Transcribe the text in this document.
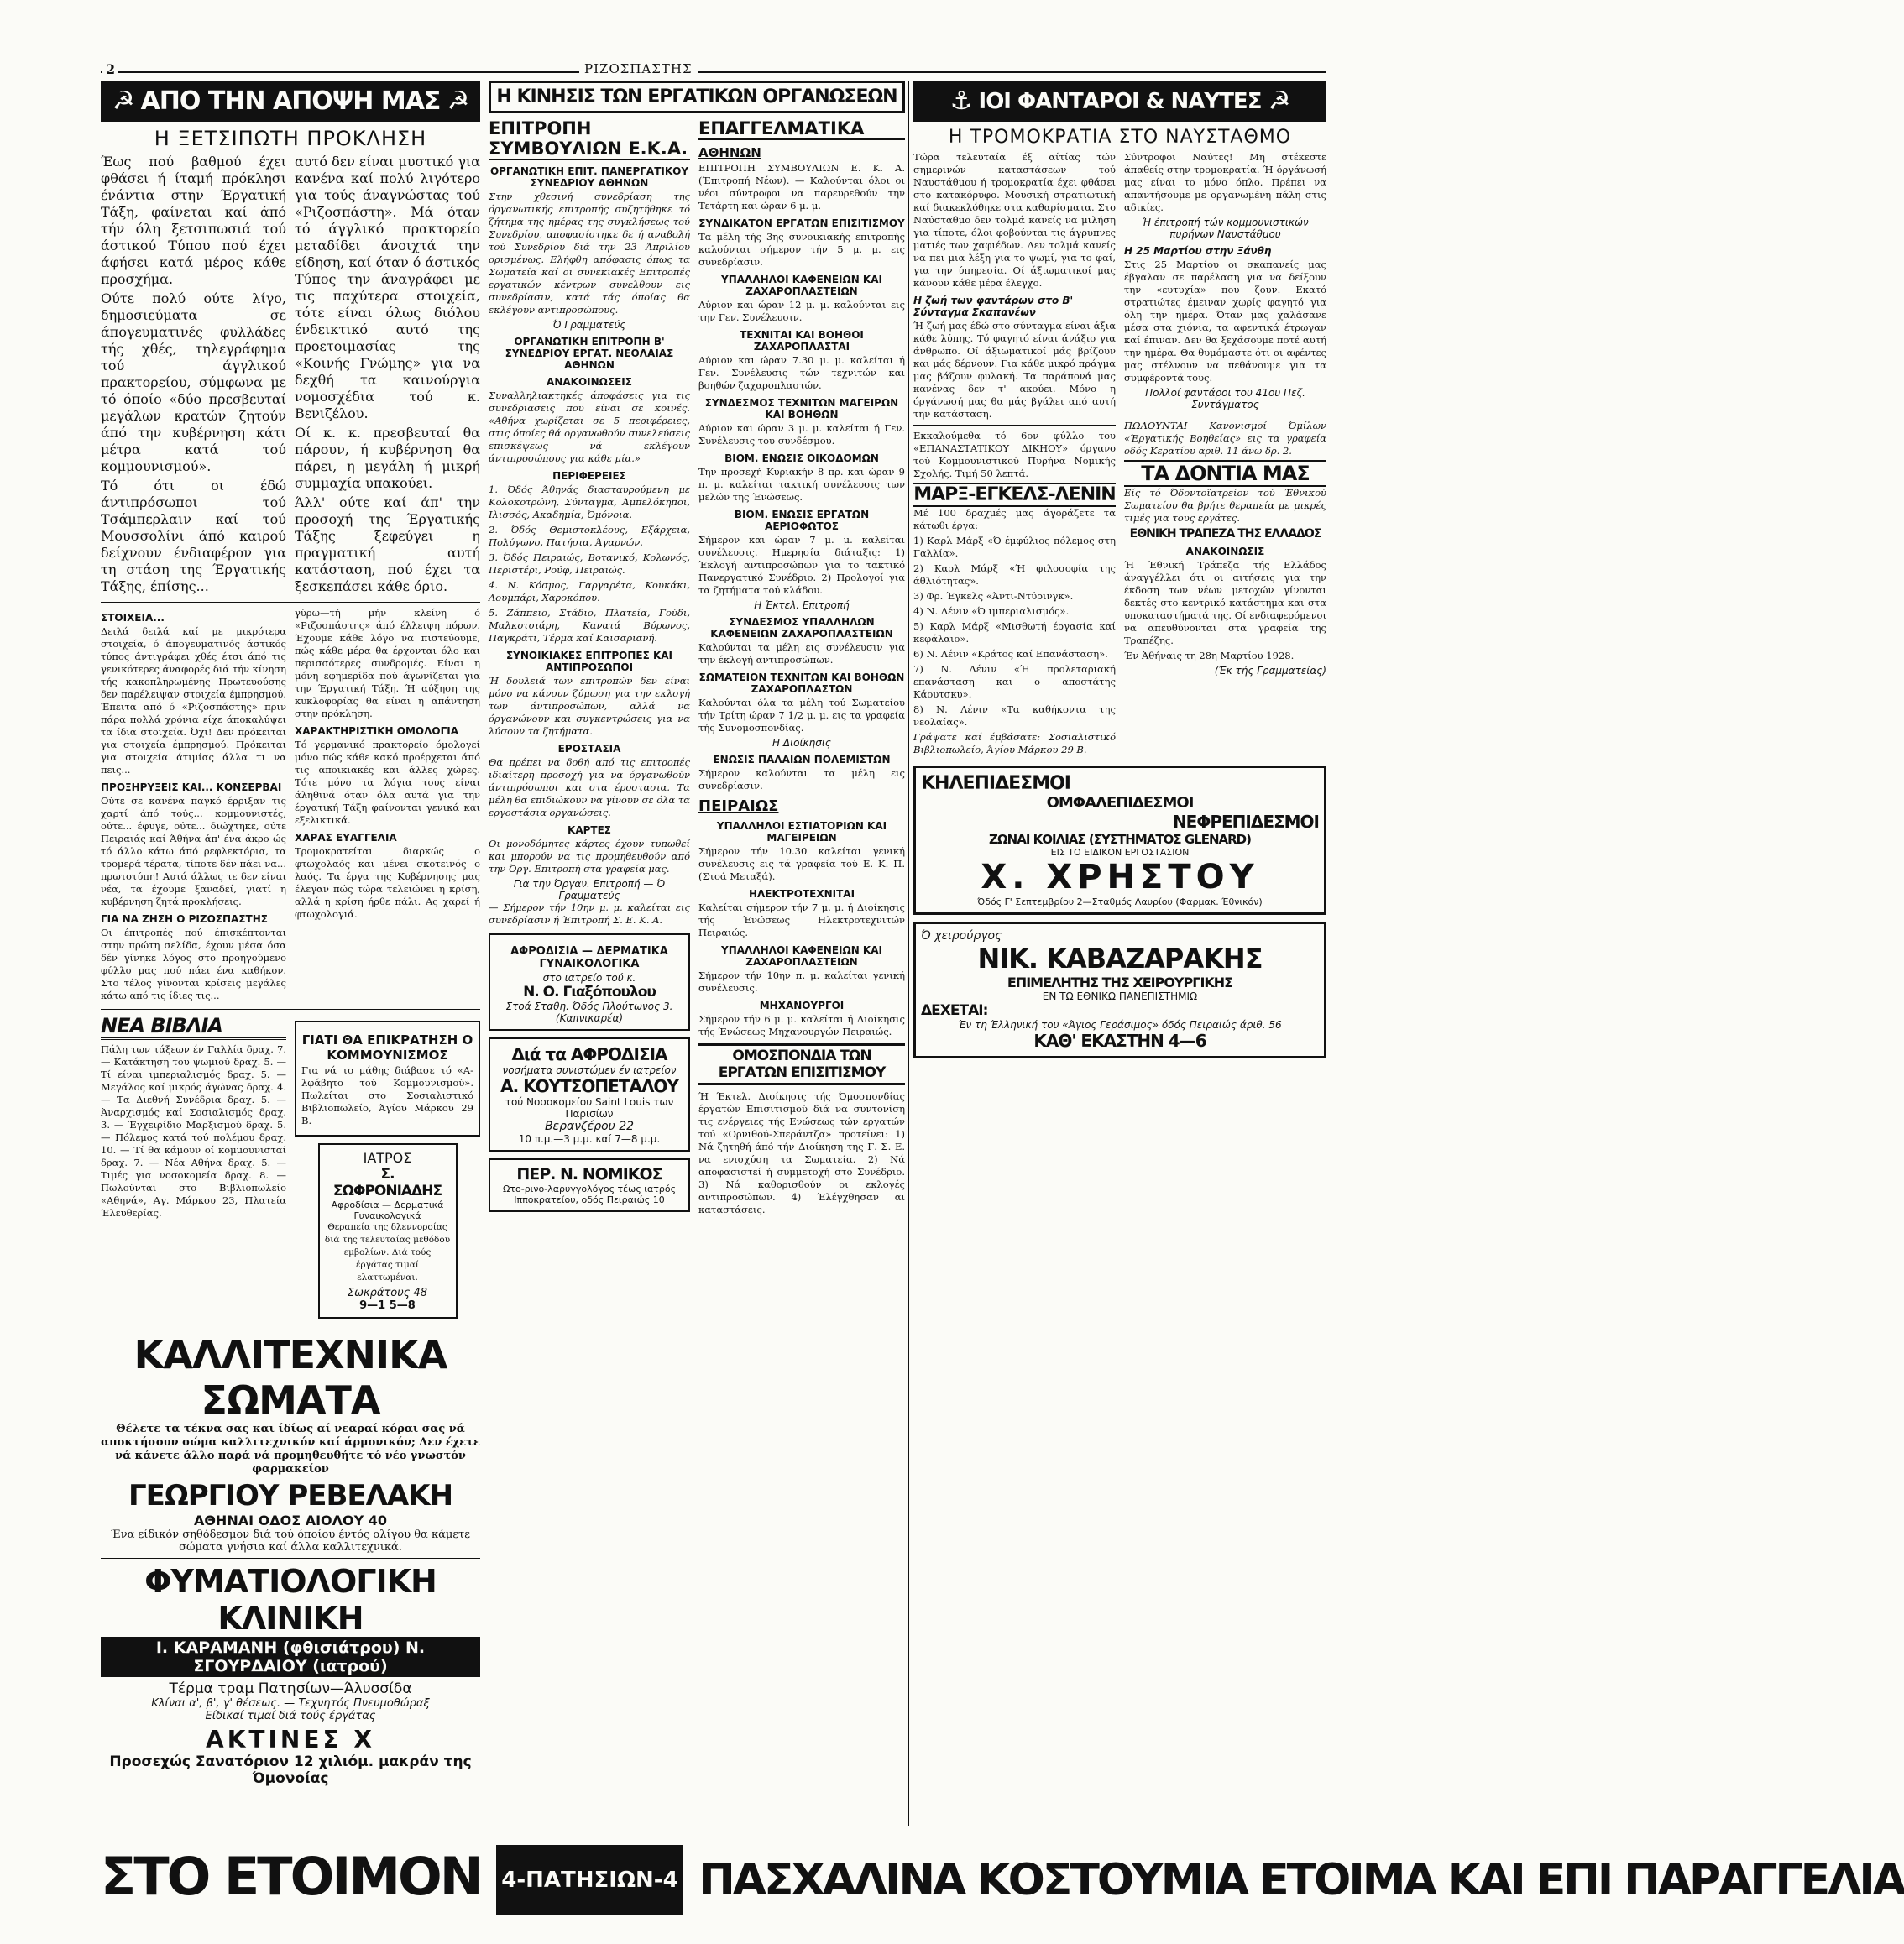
2	ΡΙΖΟΣΠΑΣΤΗΣ
☭ ΑΠΟ ΤΗΝ ΑΠΟΨΗ ΜΑΣ ☭
Η ΞΕΤΣΙΠΩΤΗ ΠΡΟΚΛΗΣΗ

Έως πού βαθμού έχει φθάσει ή ίταμή πρόκλησι ένάντια στην Έργατική Τάξη, φαίνεται καί άπό τήν όλη ξετσιπωσιά τού άστικού Τύπου πού έχει άφήσει κατά μέρος κάθε προσχήμα.

Ούτε πολύ ούτε λίγο, δημοσιεύματα σε άπογευματινές φυλλάδες τής χθές, τηλεγράφημα τού άγγλικού πρακτορείου, σύμφωνα με τό όποίο «δύο πρεσβευταί μεγάλων κρατών ζητούν άπό την κυβέρνηση κάτι μέτρα κατά τού κομμουνισμού».

Τό ότι οι έδώ άντιπρόσωποι τού Τσάμπερλαιν καί τού Μουσσολίνι άπό καιρού δείχνουν ένδιαφέρον για τη στάση της Έργατικής Τάξης, έπίσης...

αυτό δεν είναι μυστικό για κανένα καί πολύ λιγότερο για τούς άναγνώστας τού «Ριζοσπάστη». Μά όταν τό άγγλικό πρακτορείο μεταδίδει άνοιχτά την είδηση, καί όταν ό άστικός Τύπος την άναγράφει με τις παχύτερα στοιχεία, τότε είναι όλως διόλου ένδεικτικό αυτό της προετοιμασίας της «Κοινής Γνώμης» για να δεχθή τα καινούργια νομοσχέδια τού κ. Βενιζέλου.

Οί κ. κ. πρεσβευταί θα πάρουν, ή κυβέρνηση θα πάρει, η μεγάλη ή μικρή συμμαχία υπακούει.

Άλλ' ούτε καί άπ' την προσοχή της Έργατικής Τάξης ξεφεύγει η πραγματική αυτή κατάσταση, πού έχει τα ξεσκεπάσει κάθε όριο.

ΣΤΟΙΧΕΙΑ...

Δειλά δειλά καί με μικρότερα στοιχεία, ό άπογευματινός άστικός τύπος άντιγράφει χθές έτσι άπό τις γενικότερες άναφορές διά τήν κίνηση τής κακοπληρωμένης Πρωτευούσης δεν παρέλειψαν στοιχεία έμπρησμού. Έπειτα από ό «Ριζοσπάστης» πριν πάρα πολλά χρόνια είχε άποκαλύψει τα ίδια στοιχεία. Όχι! Δεν πρόκειται για στοιχεία έμπρησμού. Πρόκειται για στοιχεία άτιμίας άλλα τι να πεις...

ΠΡΟΞΗΡΥΞΕΙΣ ΚΑΙ... ΚΟΝΣΕΡΒΑΙ

Ούτε σε κανένα παγκό έρριξαν τις χαρτί άπό τούς... κομμουνιστές, ούτε... έφυγε, ούτε... διώχτηκε, ούτε Πειραιάς καί Άθήνα άπ' ένα άκρο ώς τό άλλο κάτω άπό ρεφλεκτόρια, τα τρομερά τέρατα, τίποτε δέν πάει να... πρωτοτύπη! Αυτά άλλως τε δεν είναι νέα, τα έχουμε ξαναδεί, γιατί η κυβέρνηση ζητά προκλήσεις.

ΓΙΑ ΝΑ ΖΗΣΗ Ο ΡΙΖΟΣΠΑΣΤΗΣ

Οι έπιτροπές πού έπισκέπτονται στην πρώτη σελίδα, έχουν μέσα όσα δέν γίνηκε λόγος στο προηγούμενο φύλλο μας πού πάει ένα καθήκον. Στο τέλος γίνονται κρίσεις μεγάλες κάτω από τις ίδιες τις...

γύρω—τή μήν κλείνη ό «Ριζοσπάστης» άπό έλλειψη πόρων. Έχουμε κάθε λόγο να πιστεύουμε, πώς κάθε μέρα θα έρχονται όλο και περισσότερες συνδρομές. Είναι η μόνη εφημερίδα πού άγωνίζεται για την Έργατική Τάξη. Ή αύξηση της κυκλοφορίας θα είναι η απάντηση στην πρόκληση.

ΧΑΡΑΚΤΗΡΙΣΤΙΚΗ ΟΜΟΛΟΓΙΑ

Τό γερμανικό πρακτορείο όμολογεί μόνο πώς κάθε κακό προέρχεται άπό τις αποικιακές και άλλες χώρες. Τότε μόνο τα λόγια τους είναι άληθινά όταν όλα αυτά για την έργατική Τάξη φαίνονται γενικά και εξελικτικά.

ΧΑΡΑΣ ΕΥΑΓΓΕΛΙΑ

Τρομοκρατείται διαρκώς ο φτωχολαός και μένει σκοτεινός ο λαός. Τα έργα της Κυβέρνησης μας έλεγαν πώς τώρα τελειώνει η κρίση, αλλά η κρίση ήρθε πάλι. Ας χαρεί ή φτωχολογιά.

ΝΕΑ ΒΙΒΛΙΑ

Πάλη των τάξεων έν Γαλλία δραχ. 7. — Κατάκτηση του ψωμιού δραχ. 5. — Τί είναι ιμπεριαλισμός δραχ. 5. — Μεγάλος καί μικρός άγώνας δραχ. 4. — Τα Διεθνή Συνέδρια δραχ. 5. — Άναρχισμός καί Σοσιαλισμός δραχ. 3. — Έγχειρίδιο Μαρξισμού δραχ. 5. — Πόλεμος κατά τού πολέμου δραχ. 10. — Τί θα κάμουν οί κομμουνισταί δραχ. 7. — Νέα Αθήνα δραχ. 5. — Τιμές για νοσοκομεία δραχ. 8. — Πωλούνται στο Βιβλιοπωλείο «Αθηνά», Αγ. Μάρκου 23, Πλατεία Έλευθερίας.

ΓΙΑΤΙ ΘΑ ΕΠΙΚΡΑΤΗΣΗ Ο ΚΟΜΜΟΥΝΙΣΜΟΣ

Για νά το μάθης διάβασε τό «Α-λφάβητο τού Κομμουνισμού». Πωλείται στο Σοσιαλιστικό Βιβλιοπωλείο, Άγίου Μάρκου 29 Β.

ΙΑΤΡΟΣ
Σ. ΣΩΦΡΟΝΙΑΔΗΣ
Αφροδίσια — Δερματικά Γυναικολογικά

Θεραπεία της δλεννοροίας διά της τελευταίας μεθόδου εμβολίων. Διά τούς έργάτας τιμαί ελαττωμέναι.

Σωκράτους 48
9—1 5—8
ΚΑΛΛΙΤΕΧΝΙΚΑ ΣΩΜΑΤΑ

Θέλετε τα τέκνα σας και ίδίως αί νεαραί κόραι σας νά αποκτήσουν σώμα καλλιτεχνικόν καί άρμονικόν; Δεν έχετε νά κάνετε άλλο παρά νά προμηθευθήτε τό νέο γνωστόν φαρμακείον

ΓΕΩΡΓΙΟΥ ΡΕΒΕΛΑΚΗ
ΑΘΗΝΑΙ ΟΔΟΣ ΑΙΟΛΟΥ 40

Ένα είδικόν σηθόδεσμον διά τού όποίου έντός ολίγου θα κάμετε σώματα γνήσια καί άλλα καλλιτεχνικά.

ΦΥΜΑΤΙΟΛΟΓΙΚΗ ΚΛΙΝΙΚΗ
Ι. ΚΑΡΑΜΑΝΗ (φθισιάτρου) Ν. ΣΓΟΥΡΔΑΙΟΥ (ιατρού)
Τέρμα τραμ Πατησίων—Άλυσσίδα
Κλίναι α', β', γ' θέσεως. — Τεχνητός Πνευμοθώραξ
Είδικαί τιμαί διά τούς έργάτας
ΑΚΤΙΝΕΣ Χ
Προσεχώς Σανατόριον 12 χιλιόμ. μακράν της Όμονοίας
Η ΚΙΝΗΣΙΣ ΤΩΝ ΕΡΓΑΤΙΚΩΝ ΟΡΓΑΝΩΣΕΩΝ
ΕΠΙΤΡΟΠΗ ΣΥΜΒΟΥΛΙΩΝ Ε.Κ.Α.
ΟΡΓΑΝΩΤΙΚΗ ΕΠΙΤ. ΠΑΝΕΡΓΑΤΙΚΟΥ ΣΥΝΕΔΡΙΟΥ ΑΘΗΝΩΝ

Στην χθεσινή συνεδρίαση της όργανωτικής επιτροπής συζητήθηκε τό ζήτημα της ημέρας της συγκλήσεως τού Συνεδρίου, αποφασίστηκε δε ή αναβολή τού Συνεδρίου διά την 23 Άπριλίου ορισμένως. Ελήφθη απόφασις όπως τα Σωματεία καί οι συνεκιακές Επιτροπές εργατικών κέντρων συνελθουν εις συνεδρίασιν, κατά τάς όποίας θα εκλέγουν αντιπροσώπους.

Ό Γραμματεύς
ΟΡΓΑΝΩΤΙΚΗ ΕΠΙΤΡΟΠΗ Β' ΣΥΝΕΔΡΙΟΥ ΕΡΓΑΤ. ΝΕΟΛΑΙΑΣ ΑΘΗΝΩΝ
ΑΝΑΚΟΙΝΩΣΕΙΣ

Συναλληλιακτηκές άποφάσεις για τις συνεδριασεις που είναι σε κοινές. «Αθήνα χωρίζεται σε 5 περιφέρειες, στις όποίες θά οργανωθούν συνελεύσεις επισκέψεως νά εκλέγουν άντιπροσώπους για κάθε μία.»

ΠΕΡΙΦΕΡΕΙΕΣ

1. Όδός Άθηνάς διασταυρούμενη με Κολοκοτρώνη, Σύνταγμα, Άμπελόκηποι, Ιλισσός, Ακαδημία, Όμόνοια.

2. Όδός Θεμιστοκλέους, Εξάρχεια, Πολύγωνο, Πατήσια, Άγαρνών.

3. Όδός Πειραιώς, Βοτανικό, Κολωνός, Περιστέρι, Ρούφ, Πειραιώς.

4. Ν. Κόσμος, Γαργαρέτα, Κουκάκι, Λουμπάρι, Χαροκόπου.

5. Ζάππειο, Στάδιο, Πλατεία, Γούδι, Μαλκοτσιάρη, Κανατά Βύρωνος, Παγκράτι, Τέρμα καί Καισαριανή.

ΣΥΝΟΙΚΙΑΚΕΣ ΕΠΙΤΡΟΠΕΣ ΚΑΙ ΑΝΤΙΠΡΟΣΩΠΟΙ

Ή δουλειά των επιτροπών δεν είναι μόνο να κάνουν ζύμωση για την εκλογή των άντιπροσώπων, αλλά να όργανώνουν και συγκεντρώσεις για να λύσουν τα ζητήματα.

ΕΡΟΣΤΑΣΙΑ

Θα πρέπει να δοθή από τις επιτροπές ιδιαίτερη προσοχή για να όργανωθούν άντιπρόσωποι και στα έροστασια. Τα μέλη θα επιδιώκουν να γίνουν σε όλα τα εργοστάσια οργανώσεις.

ΚΑΡΤΕΣ

Οι μονοδόμητες κάρτες έχουν τυπωθεί και μπορούν να τις προμηθευθούν από την Όργ. Επιτροπή στα γραφεία μας.

Για την Όργαν. Επιτροπή — Ό Γραμματεύς

— Σήμερον τήν 10ην μ. μ. καλείται εις συνεδρίασιν ή Έπιτροπή Σ. Ε. Κ. Α.

ΑΦΡΟΔΙΣΙΑ — ΔΕΡΜΑΤΙΚΑ ΓΥΝΑΙΚΟΛΟΓΙΚΑ
στο ιατρείο τού κ.
Ν. Ο. Γιαξόπουλου
Στοά Σταθη. Όδός Πλούτωνος 3. (Καπνικαρέα)
Διά τα ΑΦΡΟΔΙΣΙΑ
νοσήματα συνιστώμεν έν ιατρείον
Α. ΚΟΥΤΣΟΠΕΤΑΛΟΥ
τού Νοσοκομείου Saint Louis των Παρισίων
Βερανζέρου 22
10 π.μ.—3 μ.μ. καί 7—8 μ.μ.
ΠΕΡ. Ν. ΝΟΜΙΚΟΣ
Ωτο-ρινο-λαρυγγολόγος τέως ιατρός Ιπποκρατείου, οδός Πειραιώς 10
ΕΠΑΓΓΕΛΜΑΤΙΚΑ
ΑΘΗΝΩΝ

ΕΠΙΤΡΟΠΗ ΣΥΜΒΟΥΛΙΩΝ Ε. Κ. Α. (Έπιτροπή Νέων). — Καλούνται όλοι οι νέοι σύντροφοι να παρευρεθούν την Τετάρτη και ώραν 6 μ. μ.

ΣΥΝΔΙΚΑΤΟΝ ΕΡΓΑΤΩΝ ΕΠΙΣΙΤΙΣΜΟΥ

Τα μέλη τής 3ης συνοικιακής επιτροπής καλούνται σήμερον τήν 5 μ. μ. εις συνεδρίασιν.

ΥΠΑΛΛΗΛΟΙ ΚΑΦΕΝΕΙΩΝ ΚΑΙ ΖΑΧΑΡΟΠΛΑΣΤΕΙΩΝ

Αύριον και ώραν 12 μ. μ. καλούνται εις την Γεν. Συνέλευσιν.

ΤΕΧΝΙΤΑΙ ΚΑΙ ΒΟΗΘΟΙ ΖΑΧΑΡΟΠΛΑΣΤΑΙ

Αύριον και ώραν 7.30 μ. μ. καλείται ή Γεν. Συνέλευσις τών τεχνιτών και βοηθών ζαχαροπλαστών.

ΣΥΝΔΕΣΜΟΣ ΤΕΧΝΙΤΩΝ ΜΑΓΕΙΡΩΝ ΚΑΙ ΒΟΗΘΩΝ

Αύριον και ώραν 3 μ. μ. καλείται ή Γεν. Συνέλευσις του συνδέσμου.

ΒΙΟΜ. ΕΝΩΣΙΣ ΟΙΚΟΔΟΜΩΝ

Την προσεχή Κυριακήν 8 πρ. και ώραν 9 π. μ. καλείται τακτική συνέλευσις των μελών της Ένώσεως.

ΒΙΟΜ. ΕΝΩΣΙΣ ΕΡΓΑΤΩΝ ΑΕΡΙΟΦΩΤΟΣ

Σήμερον και ώραν 7 μ. μ. καλείται συνέλευσις. Ημερησία διάταξις: 1) Έκλογή αντιπροσώπων για το τακτικό Πανεργατικό Συνέδριο. 2) Προλογοί για τα ζητήματα τού κλάδου.

Η Έκτελ. Επιτροπή
ΣΥΝΔΕΣΜΟΣ ΥΠΑΛΛΗΛΩΝ ΚΑΦΕΝΕΙΩΝ ΖΑΧΑΡΟΠΛΑΣΤΕΙΩΝ

Καλούνται τα μέλη εις συνέλευσιν για την έκλογή αντιπροσώπων.

ΣΩΜΑΤΕΙΟΝ ΤΕΧΝΙΤΩΝ ΚΑΙ ΒΟΗΘΩΝ ΖΑΧΑΡΟΠΛΑΣΤΩΝ

Καλούνται όλα τα μέλη τού Σωματείου τήν Τρίτη ώραν 7 1/2 μ. μ. εις τα γραφεία τής Συνομοσπονδίας.

Η Διοίκησις
ΕΝΩΣΙΣ ΠΑΛΑΙΩΝ ΠΟΛΕΜΙΣΤΩΝ

Σήμερον καλούνται τα μέλη εις συνεδρίασιν.

ΠΕΙΡΑΙΩΣ
ΥΠΑΛΛΗΛΟΙ ΕΣΤΙΑΤΟΡΙΩΝ ΚΑΙ ΜΑΓΕΙΡΕΙΩΝ

Σήμερον τήν 10.30 καλείται γενική συνέλευσις εις τά γραφεία τού Ε. Κ. Π. (Στοά Μεταξά).

ΗΛΕΚΤΡΟΤΕΧΝΙΤΑΙ

Καλείται σήμερον τήν 7 μ. μ. ή Διοίκησις τής Ένώσεως Ηλεκτροτεχνιτών Πειραιώς.

ΥΠΑΛΛΗΛΟΙ ΚΑΦΕΝΕΙΩΝ ΚΑΙ ΖΑΧΑΡΟΠΛΑΣΤΕΙΩΝ

Σήμερον τήν 10ην π. μ. καλείται γενική συνέλευσις.

ΜΗΧΑΝΟΥΡΓΟΙ

Σήμερον τήν 6 μ. μ. καλείται ή Διοίκησις τής Ένώσεως Μηχανουργών Πειραιώς.

ΟΜΟΣΠΟΝΔΙΑ ΤΩΝ ΕΡΓΑΤΩΝ ΕΠΙΣΙΤΙΣΜΟΥ

Ή Έκτελ. Διοίκησις τής Όμοσπονδίας έργατών Επισιτισμού διά να συντονίση τις ενέργειες τής Ενώσεως τών εργατών τού «Ορνιθού-Σπεράντζα» προτείνει: 1) Νά ζητηθή άπό τήν Διοίκηση της Γ. Σ. Ε. να ενισχύση τα Σωματεία. 2) Νά αποφασιστεί ή συμμετοχή στο Συνέδριο. 3) Νά καθορισθούν οι εκλογές αντιπροσώπων. 4) Έλέγχθησαν αι καταστάσεις.

⚓ ΙΟΙ ΦΑΝΤΑΡΟΙ & ΝΑΥΤΕΣ ☭
Η ΤΡΟΜΟΚΡΑΤΙΑ ΣΤΟ ΝΑΥΣΤΑΘΜΟ

Τώρα τελευταία έξ αίτίας τών σημερινών καταστάσεων τού Ναυστάθμου ή τρομοκρατία έχει φθάσει στο κατακόρυφο. Μουσική στρατιωτική καί διακεκλόθηκε στα καθαρίσματα. Στο Ναύσταθμο δεν τολμά κανείς να μιλήση για τίποτε, όλοι φοβούνται τις άγρυπνες ματιές των χαφιέδων. Δεν τολμά κανείς να πει μια λέξη για το ψωμί, για το φαί, για την ύπηρεσία. Οί άξιωματικοί μας κάνουν κάθε μέρα έλεγχο.

Η ζωή των φαντάρων στο Β' Σύνταγμα Σκαπανέων

Ή ζωή μας έδώ στο σύνταγμα είναι άξια κάθε λύπης. Τό φαγητό είναι άνάξιο για άνθρωπο. Οί άξιωματικοί μάς βρίζουν και μάς δέρνουν. Για κάθε μικρό πράγμα μας βάζουν φυλακή. Τα παράπονά μας κανένας δεν τ' ακούει. Μόνο η όργάνωσή μας θα μάς βγάλει από αυτή την κατάσταση.

Εκκαλούμεθα τό 6ον φύλλο του «ΕΠΑΝΑΣΤΑΤΙΚΟΥ ΔΙΚΗΟΥ» όργανο τού Κομμουνιστικού Πυρήνα Νομικής Σχολής. Τιμή 50 λεπτά.

ΜΑΡΞ-ΕΓΚΕΛΣ-ΛΕΝΙΝ

Μέ 100 δραχμές μας άγοράζετε τα κάτωθι έργα:

1) Καρλ Μάρξ «Ό έμφύλιος πόλεμος στη Γαλλία».

2) Καρλ Μάρξ «Ή φιλοσοφία της άθλιότητας».

3) Φρ. Έγκελς «Άντι-Ντύρινγκ».

4) Ν. Λένιν «Ό ιμπεριαλισμός».

5) Καρλ Μάρξ «Μισθωτή έργασία καί κεφάλαιο».

6) Ν. Λένιν «Κράτος καί Επανάσταση».

7) Ν. Λένιν «Ή προλεταριακή επανάσταση και ο αποστάτης Κάουτσκυ».

8) Ν. Λένιν «Τα καθήκοντα της νεολαίας».

Γράψατε καί έμβάσατε: Σοσιαλιστικό Βιβλιοπωλείο, Άγίου Μάρκου 29 Β.

Σύντροφοι Ναύτες! Μη στέκεστε άπαθείς στην τρομοκρατία. Ή όργάνωσή μας είναι το μόνο όπλο. Πρέπει να απαντήσουμε με οργανωμένη πάλη στις αδικίες.

Ή έπιτροπή τών κομμουνιστικών πυρήνων Ναυστάθμου
Η 25 Μαρτίου στην Ξάνθη

Στις 25 Μαρτίου οι σκαπανείς μας έβγαλαν σε παρέλαση για να δείξουν την «ευτυχία» που ζουν. Εκατό στρατιώτες έμειναν χωρίς φαγητό για όλη την ημέρα. Όταν μας χαλάσανε μέσα στα χιόνια, τα αφεντικά έτρωγαν καί έπιναν. Δεν θα ξεχάσουμε ποτέ αυτή την ημέρα. Θα θυμόμαστε ότι οι αφέντες μας στέλνουν να πεθάνουμε για τα συμφέροντά τους.

Πολλοί φαντάροι του 41ου Πεζ. Συντάγματος

ΠΩΛΟΥΝΤΑΙ Κανονισμοί Όμίλων «Έργατικής Βοηθείας» εις τα γραφεία οδός Κερατίου αριθ. 11 άνω δρ. 2.

ΤΑ ΔΟΝΤΙΑ ΜΑΣ

Είς τό Όδοντοϊατρείον τού Έθνικού Σωματείου θα βρήτε θεραπεία με μικρές τιμές για τους εργάτες.

ΕΘΝΙΚΗ ΤΡΑΠΕΖΑ ΤΗΣ ΕΛΛΑΔΟΣ
ΑΝΑΚΟΙΝΩΣΙΣ

Ή Έθνική Τράπεζα τής Ελλάδος άναγγέλλει ότι οι αιτήσεις για την έκδοση των νέων μετοχών γίνονται δεκτές στο κεντρικό κατάστημα και στα υποκαταστήματά της. Οί ενδιαφερόμενοι να απευθύνονται στα γραφεία της Τραπέζης.

Έν Άθήναις τη 28η Μαρτίου 1928.

(Έκ τής Γραμματείας)
ΚΗΛΕΠΙΔΕΣΜΟΙ
ΟΜΦΑΛΕΠΙΔΕΣΜΟΙ
ΝΕΦΡΕΠΙΔΕΣΜΟΙ
ΖΩΝΑΙ ΚΟΙΛΙΑΣ (ΣΥΣΤΗΜΑΤΟΣ GLENARD)
ΕΙΣ ΤΟ ΕΙΔΙΚΟΝ ΕΡΓΟΣΤΑΣΙΟΝ
Χ. ΧΡΗΣΤΟΥ
Όδός Γ' Σεπτεμβρίου 2—Σταθμός Λαυρίου (Φαρμακ. Έθνικόν)
Ό χειρούργος
ΝΙΚ. ΚΑΒΑΖΑΡΑΚΗΣ
ΕΠΙΜΕΛΗΤΗΣ ΤΗΣ ΧΕΙΡΟΥΡΓΙΚΗΣ
ΕΝ ΤΩ ΕΘΝΙΚΩ ΠΑΝΕΠΙΣΤΗΜΙΩ
ΔΕΧΕΤΑΙ:
Έν τη Έλληνική του «Άγιος Γεράσιμος» όδός Πειραιώς άριθ. 56
ΚΑΘ' ΕΚΑΣΤΗΝ 4—6
ΣΤΟ ΕΤΟΙΜΟΝ 4-ΠΑΤΗΣΙΩΝ-4 ΠΑΣΧΑΛΙΝΑ ΚΟΣΤΟΥΜΙΑ ΕΤΟΙΜΑ ΚΑΙ ΕΠΙ ΠΑΡΑΓΓΕΛΙΑ
